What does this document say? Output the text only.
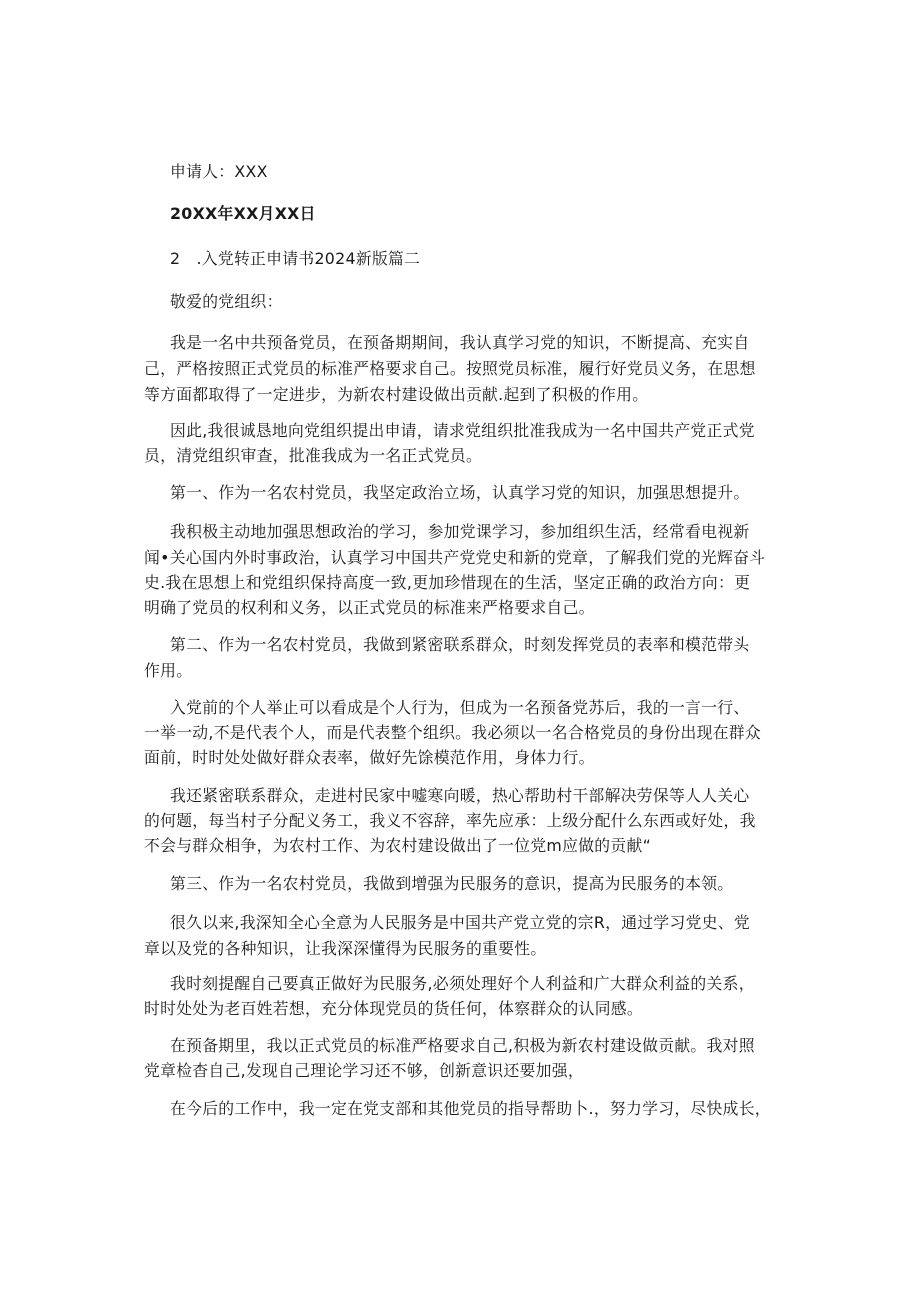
申请人：XXX
20XX年XX月XX日
2　.入党转正申请书2024新版篇二
敬爱的党组织：
我是一名中共预备党员，在预备期期间，我认真学习党的知识，不断提高、充实自
己，严格按照正式党员的标准严格要求自己。按照党员标准，履行好党员义务，在思想
等方面都取得了一定进步，为新农村建设做出贡献.起到了积极的作用。
因此,我很诚恳地向党组织提出申请，请求党组织批准我成为一名中国共产党正式党
员，清党组织审查，批准我成为一名正式党员。
第一、作为一名农村党员，我坚定政治立场，认真学习党的知识，加强思想提升。
我积极主动地加强思想政治的学习，参加党课学习，参加组织生活，经常看电视新
闻•关心国内外时事政治，认真学习中国共产党党史和新的党章，了解我们党的光辉奋斗
史.我在思想上和党组织保持高度一致,更加珍惜现在的生活，坚定正确的政治方向：更
明确了党员的权利和义务，以正式党员的标准来严格要求自己。
第二、作为一名农村党员，我做到紧密联系群众，时刻发挥党员的表率和模范带头
作用。
入党前的个人举止可以看成是个人行为，但成为一名预备党苏后，我的一言一行、
一举一动,不是代表个人，而是代表整个组织。我必须以一名合格党员的身份出现在群众
面前，时时处处做好群众表率，做好先馀模范作用，身体力行。
我还紧密联系群众，走进村民家中嘘寒向暖，热心帮助村干部解决劳保等人人关心
的何题，每当村子分配义务工，我义不容辞，率先应承：上级分配什么东西或好处，我
不会与群众相争，为农村工作、为农村建设做出了一位党m应做的贡献“
第三、作为一名农村党员，我做到增强为民服务的意识，提高为民服务的本领。
很久以来,我深知全心全意为人民服务是中国共产党立党的宗R，通过学习党史、党
章以及党的各种知识，让我深深懂得为民服务的重要性。
我时刻提醒自己要真正做好为民服务,必须处理好个人利益和广大群众利益的关系，
时时处处为老百姓若想，充分体现党员的货任何，体察群众的认同感。
在预备期里，我以正式党员的标准严格要求自己,积极为新农村建设做贡献。我对照
党章检杳自己,发现自己理论学习还不够，创新意识还要加强，
在今后的工作中，我一定在党支部和其他党员的指导帮助卜.，努力学习，尽快成长，
